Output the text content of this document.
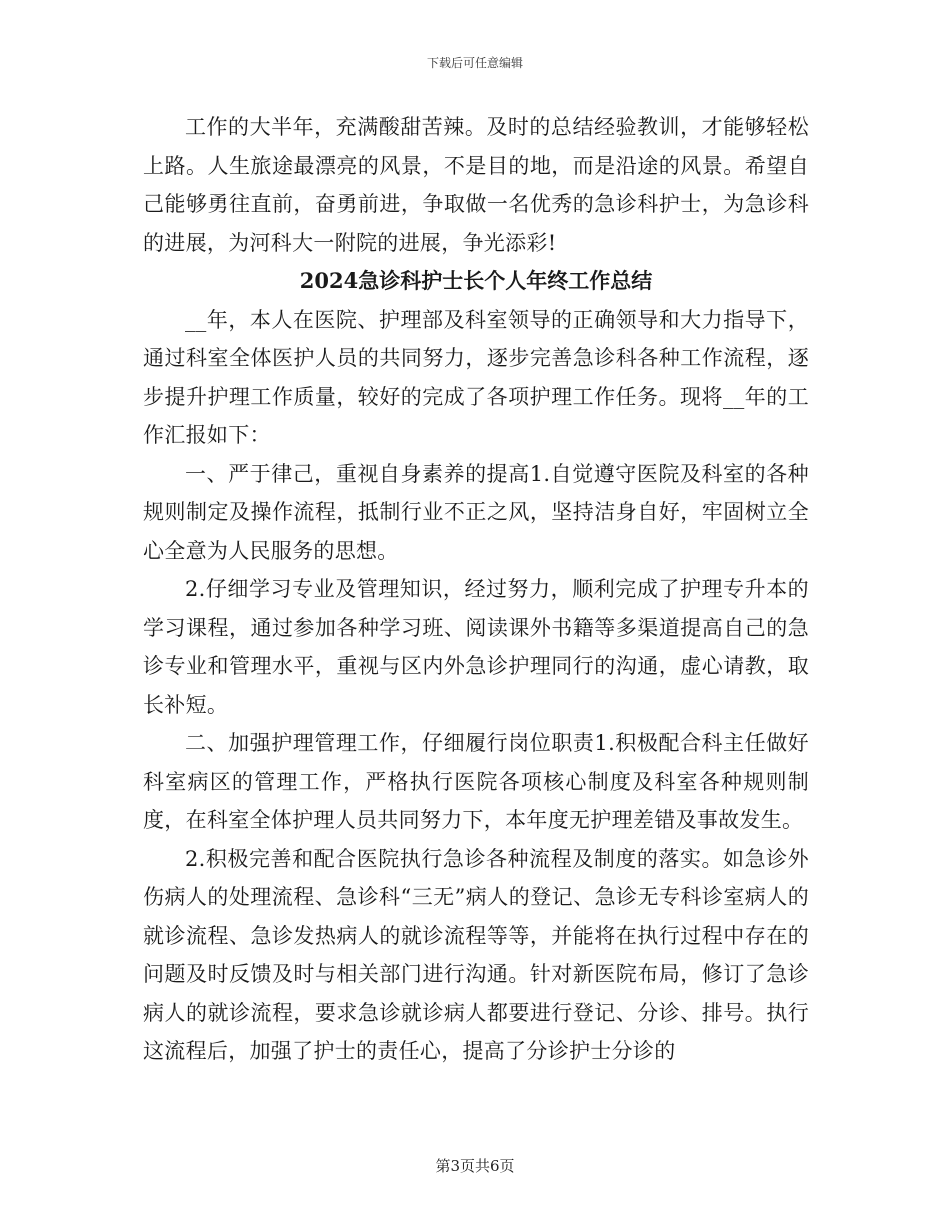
下载后可任意编辑

工作的大半年，充满酸甜苦辣。及时的总结经验教训，才能够轻松上路。人生旅途最漂亮的风景，不是目的地，而是沿途的风景。希望自己能够勇往直前，奋勇前进，争取做一名优秀的急诊科护士，为急诊科的进展，为河科大一附院的进展，争光添彩!

2024急诊科护士长个人年终工作总结

__年，本人在医院、护理部及科室领导的正确领导和大力指导下，通过科室全体医护人员的共同努力，逐步完善急诊科各种工作流程，逐步提升护理工作质量，较好的完成了各项护理工作任务。现将__年的工作汇报如下：

一、严于律己，重视自身素养的提高1.自觉遵守医院及科室的各种规则制定及操作流程，抵制行业不正之风，坚持洁身自好，牢固树立全心全意为人民服务的思想。

2.仔细学习专业及管理知识，经过努力，顺利完成了护理专升本的学习课程，通过参加各种学习班、阅读课外书籍等多渠道提高自己的急诊专业和管理水平，重视与区内外急诊护理同行的沟通，虚心请教，取长补短。

二、加强护理管理工作，仔细履行岗位职责1.积极配合科主任做好科室病区的管理工作，严格执行医院各项核心制度及科室各种规则制度，在科室全体护理人员共同努力下，本年度无护理差错及事故发生。

2.积极完善和配合医院执行急诊各种流程及制度的落实。如急诊外伤病人的处理流程、急诊科“三无”病人的登记、急诊无专科诊室病人的就诊流程、急诊发热病人的就诊流程等等，并能将在执行过程中存在的问题及时反馈及时与相关部门进行沟通。针对新医院布局，修订了急诊病人的就诊流程，要求急诊就诊病人都要进行登记、分诊、排号。执行这流程后，加强了护士的责任心，提高了分诊护士分诊的

第3页共6页
